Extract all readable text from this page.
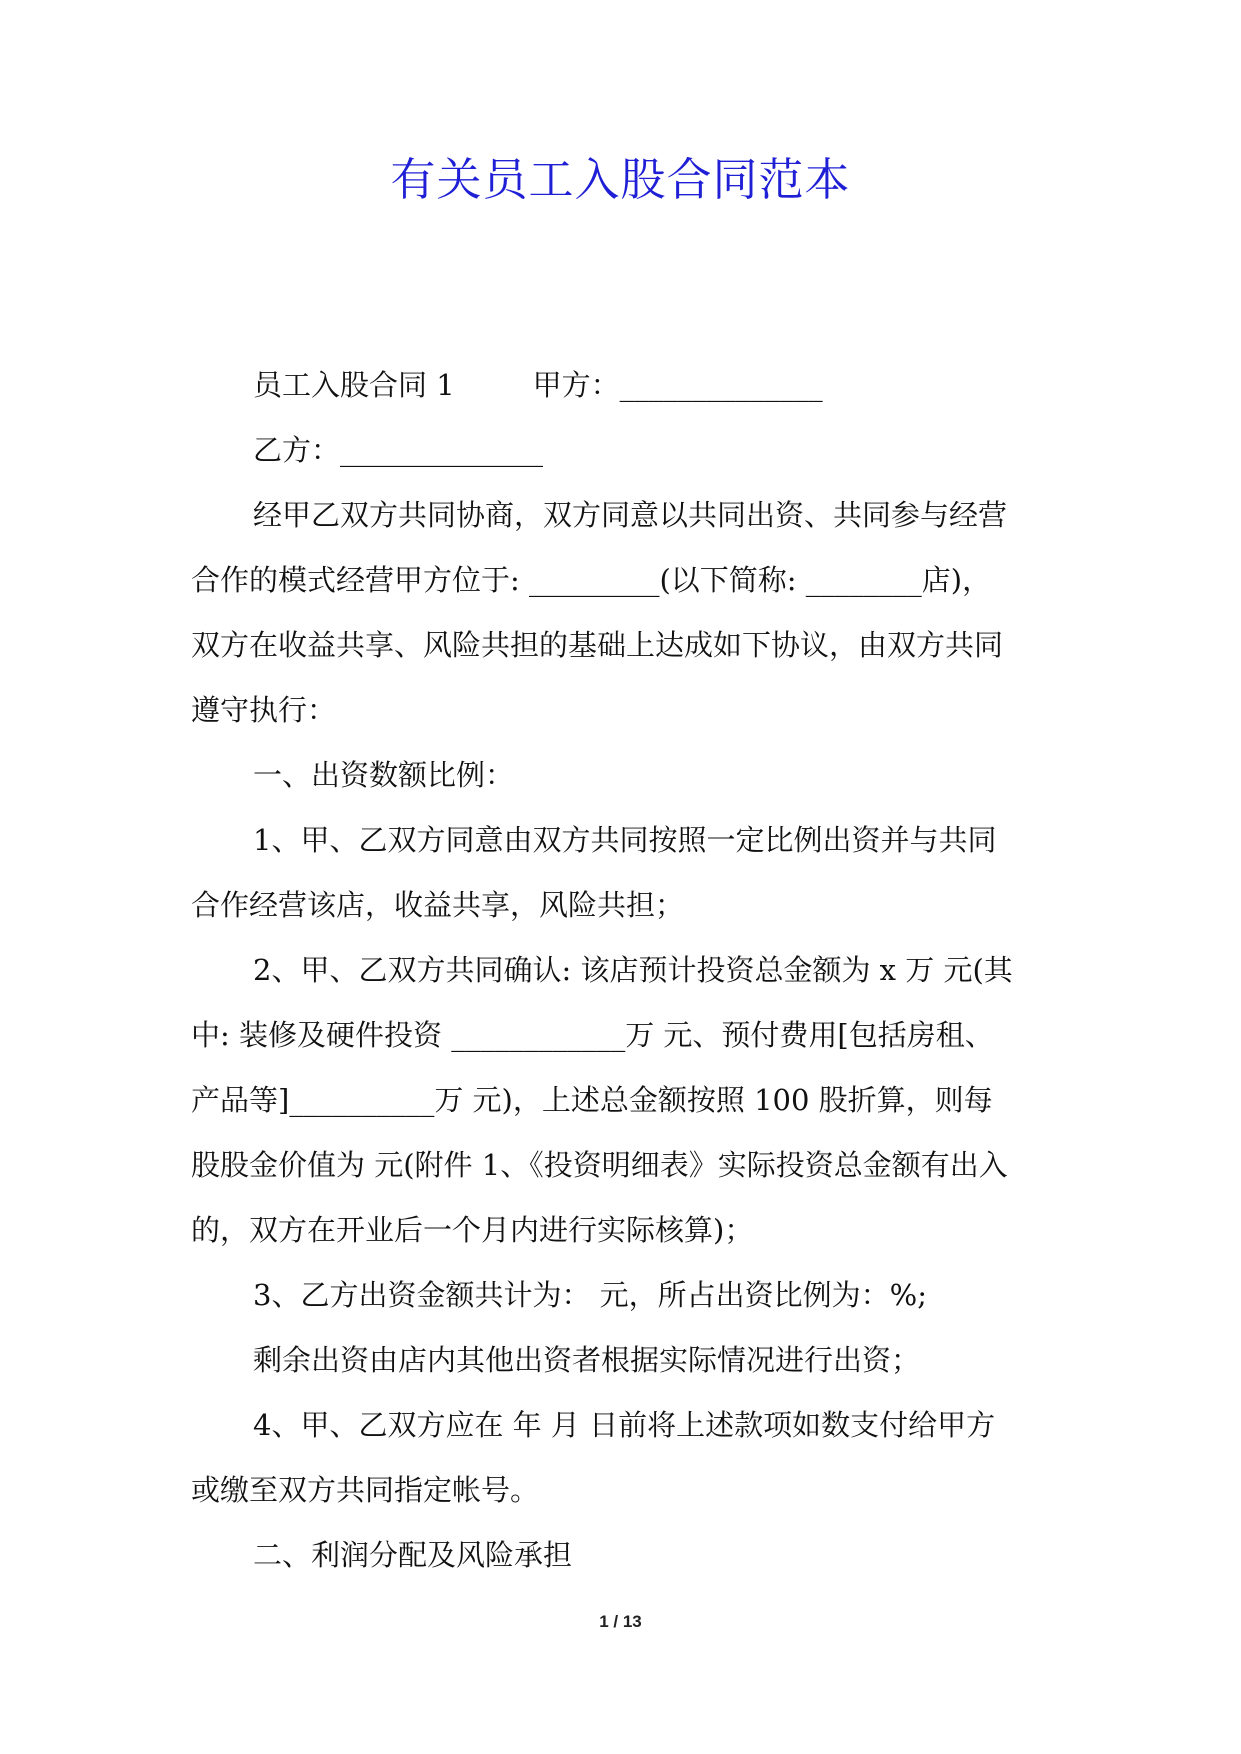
有关员工入股合同范本

员工入股合同 1	甲方：______________

乙方：______________

经甲乙双方共同协商，双方同意以共同出资、共同参与经营

合作的模式经营甲方位于: _________(以下简称: ________店)，

双方在收益共享、风险共担的基础上达成如下协议，由双方共同

遵守执行：

一、出资数额比例：

1、甲、乙双方同意由双方共同按照一定比例出资并与共同

合作经营该店，收益共享，风险共担；

2、甲、乙双方共同确认: 该店预计投资总金额为 x 万 元(其

中: 装修及硬件投资 ____________万 元、预付费用[包括房租、

产品等]__________万 元)，上述总金额按照 100 股折算，则每

股股金价值为 元(附件 1、《投资明细表》实际投资总金额有出入

的，双方在开业后一个月内进行实际核算)；

3、乙方出资金额共计为： 元，所占出资比例为：%;

剩余出资由店内其他出资者根据实际情况进行出资；

4、甲、乙双方应在 年 月 日前将上述款项如数支付给甲方

或缴至双方共同指定帐号。

二、利润分配及风险承担

1 / 13
